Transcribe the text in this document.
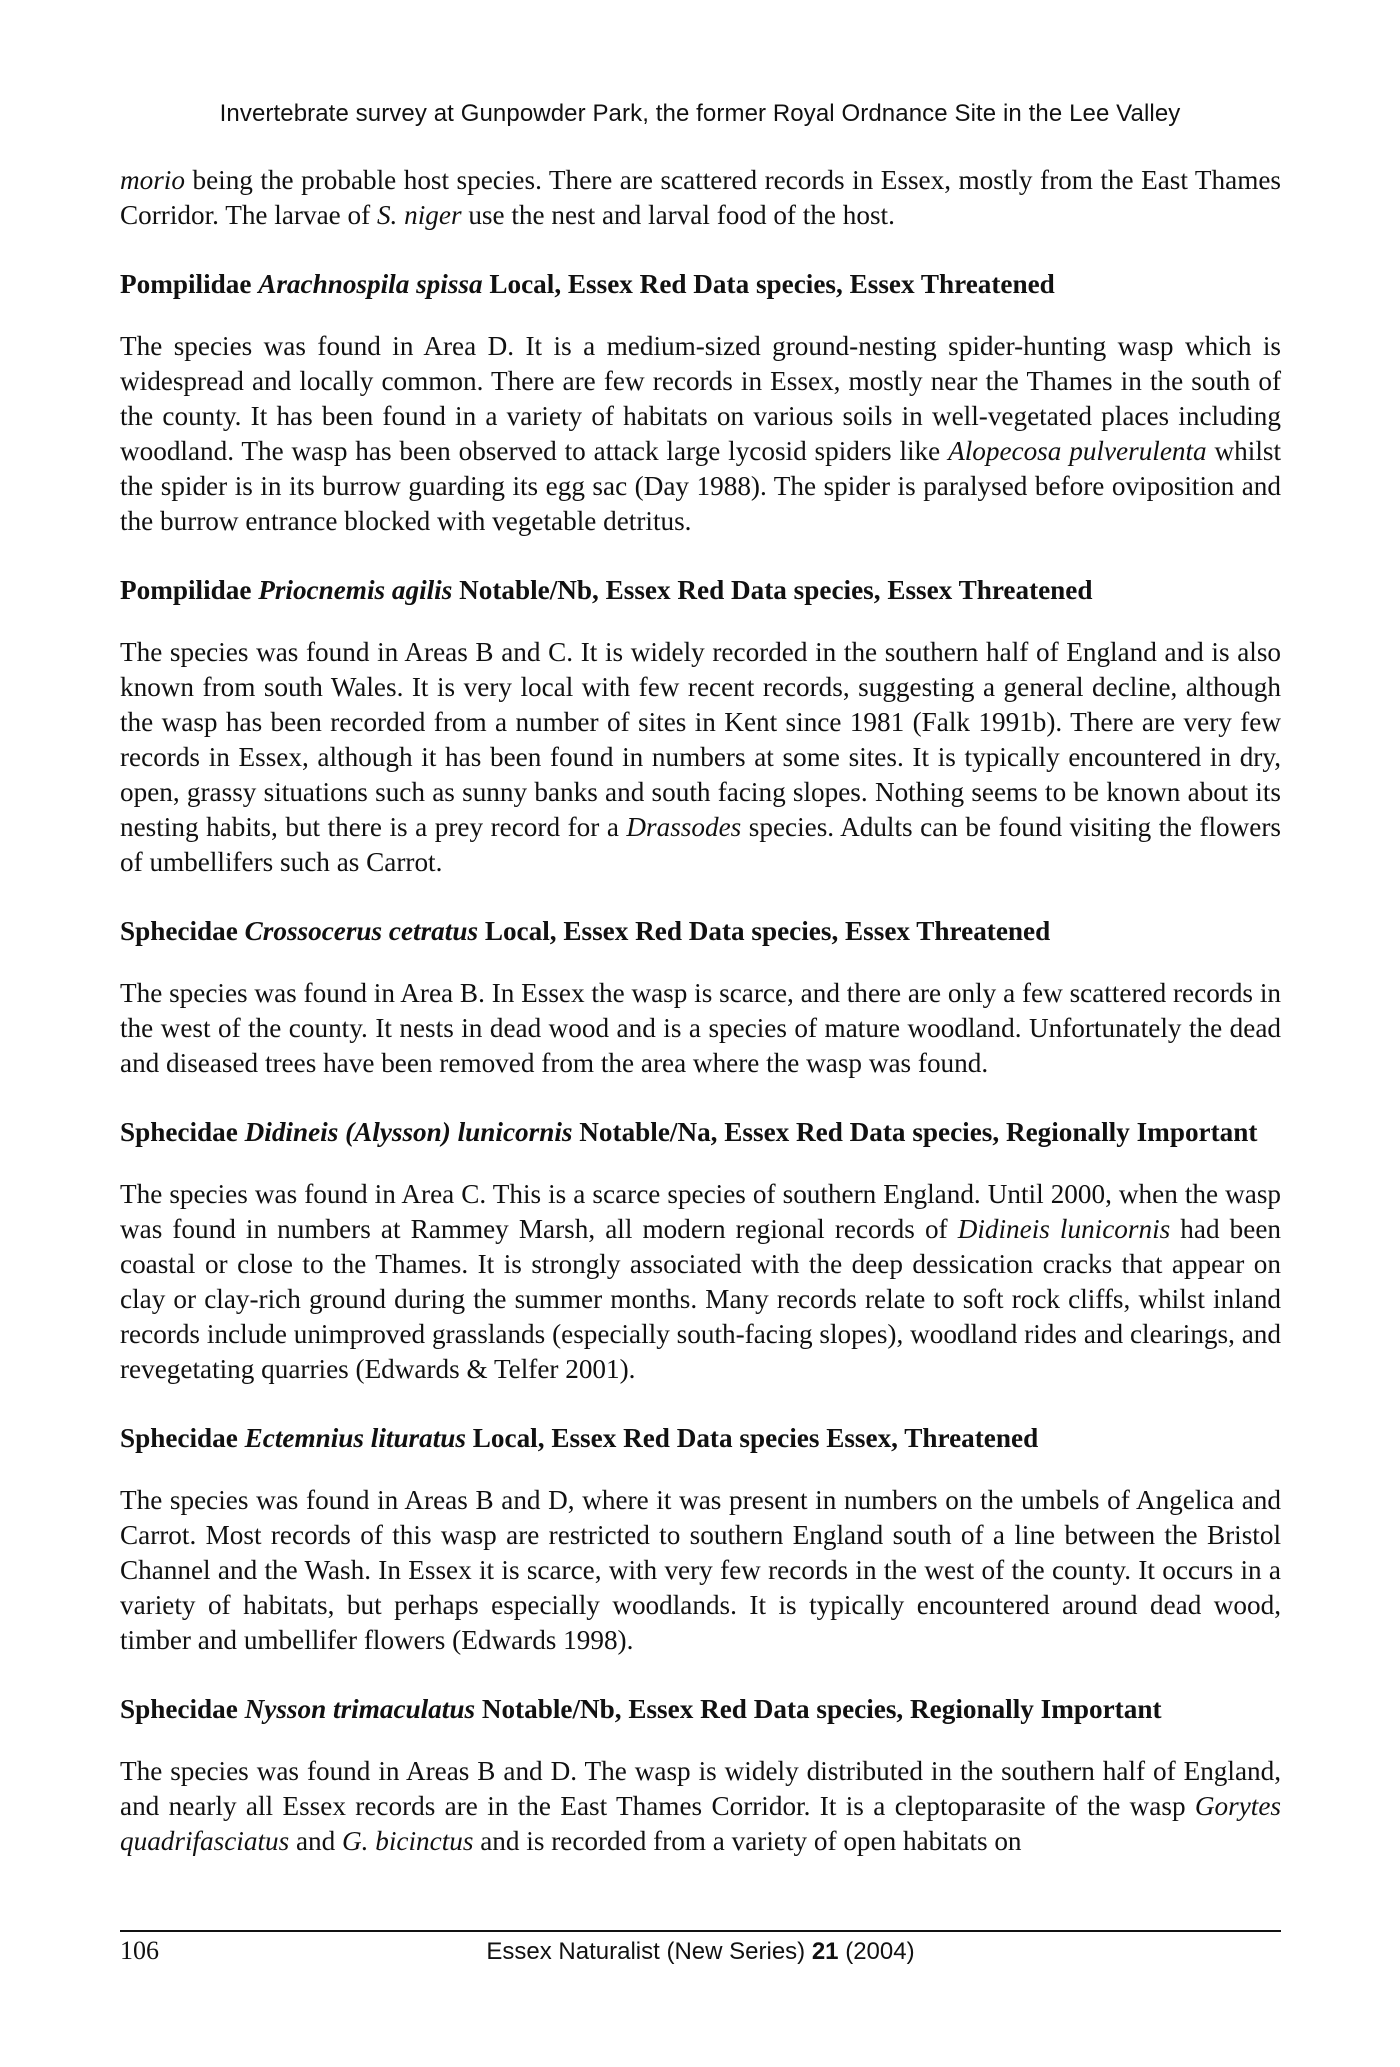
Invertebrate survey at Gunpowder Park, the former Royal Ordnance Site in the Lee Valley

morio being the probable host species. There are scattered records in Essex, mostly from the East Thames Corridor. The larvae of S. niger use the nest and larval food of the host.

Pompilidae Arachnospila spissa Local, Essex Red Data species, Essex Threatened

The species was found in Area D. It is a medium-sized ground-nesting spider-hunting wasp which is widespread and locally common. There are few records in Essex, mostly near the Thames in the south of the county. It has been found in a variety of habitats on various soils in well-vegetated places including woodland. The wasp has been observed to attack large lycosid spiders like Alopecosa pulverulenta whilst the spider is in its burrow guarding its egg sac (Day 1988). The spider is paralysed before oviposition and the burrow entrance blocked with vegetable detritus.

Pompilidae Priocnemis agilis Notable/Nb, Essex Red Data species, Essex Threatened

The species was found in Areas B and C. It is widely recorded in the southern half of England and is also known from south Wales. It is very local with few recent records, suggesting a general decline, although the wasp has been recorded from a number of sites in Kent since 1981 (Falk 1991b). There are very few records in Essex, although it has been found in numbers at some sites. It is typically encountered in dry, open, grassy situations such as sunny banks and south facing slopes. Nothing seems to be known about its nesting habits, but there is a prey record for a Drassodes species. Adults can be found visiting the flowers of umbellifers such as Carrot.

Sphecidae Crossocerus cetratus Local, Essex Red Data species, Essex Threatened

The species was found in Area B. In Essex the wasp is scarce, and there are only a few scattered records in the west of the county. It nests in dead wood and is a species of mature woodland. Unfortunately the dead and diseased trees have been removed from the area where the wasp was found.

Sphecidae Didineis (Alysson) lunicornis Notable/Na, Essex Red Data species, Regionally Important

The species was found in Area C. This is a scarce species of southern England. Until 2000, when the wasp was found in numbers at Rammey Marsh, all modern regional records of Didineis lunicornis had been coastal or close to the Thames. It is strongly associated with the deep dessication cracks that appear on clay or clay-rich ground during the summer months. Many records relate to soft rock cliffs, whilst inland records include unimproved grasslands (especially south-facing slopes), woodland rides and clearings, and revegetating quarries (Edwards & Telfer 2001).

Sphecidae Ectemnius lituratus Local, Essex Red Data species Essex, Threatened

The species was found in Areas B and D, where it was present in numbers on the umbels of Angelica and Carrot. Most records of this wasp are restricted to southern England south of a line between the Bristol Channel and the Wash. In Essex it is scarce, with very few records in the west of the county. It occurs in a variety of habitats, but perhaps especially woodlands. It is typically encountered around dead wood, timber and umbellifer flowers (Edwards 1998).

Sphecidae Nysson trimaculatus Notable/Nb, Essex Red Data species, Regionally Important

The species was found in Areas B and D. The wasp is widely distributed in the southern half of England, and nearly all Essex records are in the East Thames Corridor. It is a cleptoparasite of the wasp Gorytes quadrifasciatus and G. bicinctus and is recorded from a variety of open habitats on

106	Essex Naturalist (New Series) 21 (2004)
